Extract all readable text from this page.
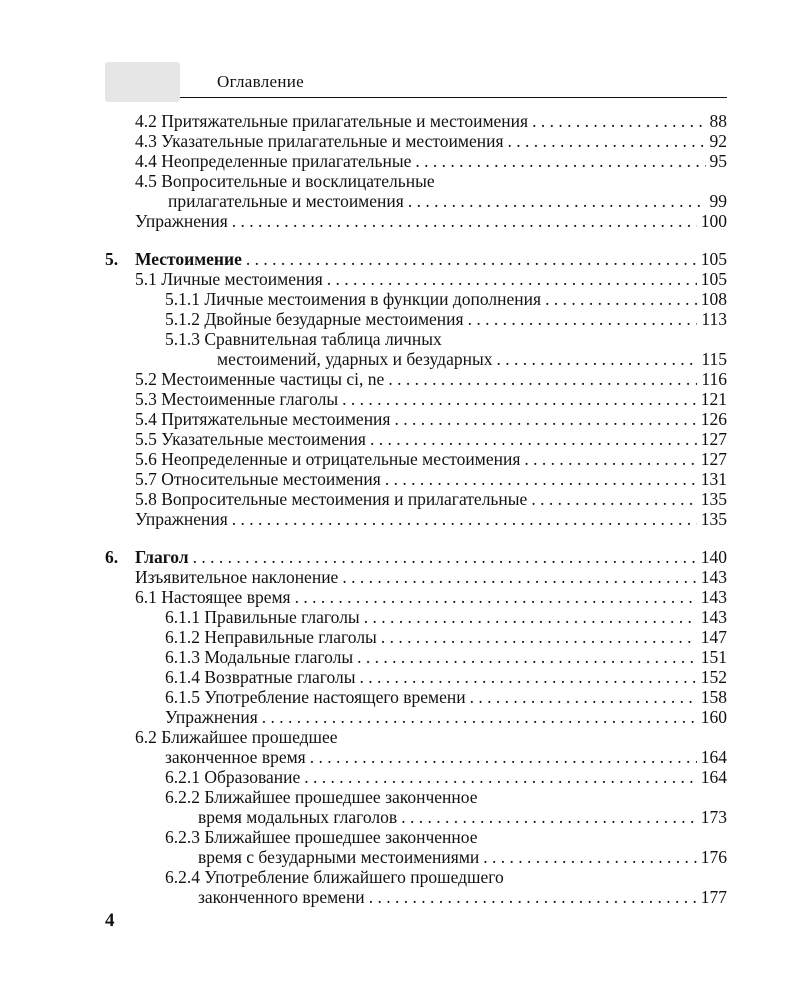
Оглавление
4.2 Притяжательные прилагательные и местоимения . . .	88
4.3 Указательные прилагательные и местоимения . . .	92
4.4 Неопределенные прилагательные . . .	95
4.5 Вопросительные и восклицательные
прилагательные и местоимения . . .	99
Упражнения . . .	100
5. Местоимение . . .	105
5.1 Личные местоимения . . .	105
5.1.1 Личные местоимения в функции дополнения . . .	108
5.1.2 Двойные безударные местоимения . . .	113
5.1.3 Сравнительная таблица личных
местоимений, ударных и безударных . . .	115
5.2 Местоименные частицы ci, ne . . .	116
5.3 Местоименные глаголы . . .	121
5.4 Притяжательные местоимения . . .	126
5.5 Указательные местоимения . . .	127
5.6 Неопределенные и отрицательные местоимения . . .	127
5.7 Относительные местоимения . . .	131
5.8 Вопросительные местоимения и прилагательные . . .	135
Упражнения . . .	135
6. Глагол . . .	140
Изъявительное наклонение . . .	143
6.1 Настоящее время . . .	143
6.1.1 Правильные глаголы . . .	143
6.1.2 Неправильные глаголы . . .	147
6.1.3 Модальные глаголы . . .	151
6.1.4 Возвратные глаголы . . .	152
6.1.5 Употребление настоящего времени . . .	158
Упражнения . . .	160
6.2 Ближайшее прошедшее
законченное время . . .	164
6.2.1 Образование . . .	164
6.2.2 Ближайшее прошедшее законченное
время модальных глаголов . . .	173
6.2.3 Ближайшее прошедшее законченное
время с безударными местоимениями . . .	176
6.2.4 Употребление ближайшего прошедшего
законченного времени . . .	177
4
